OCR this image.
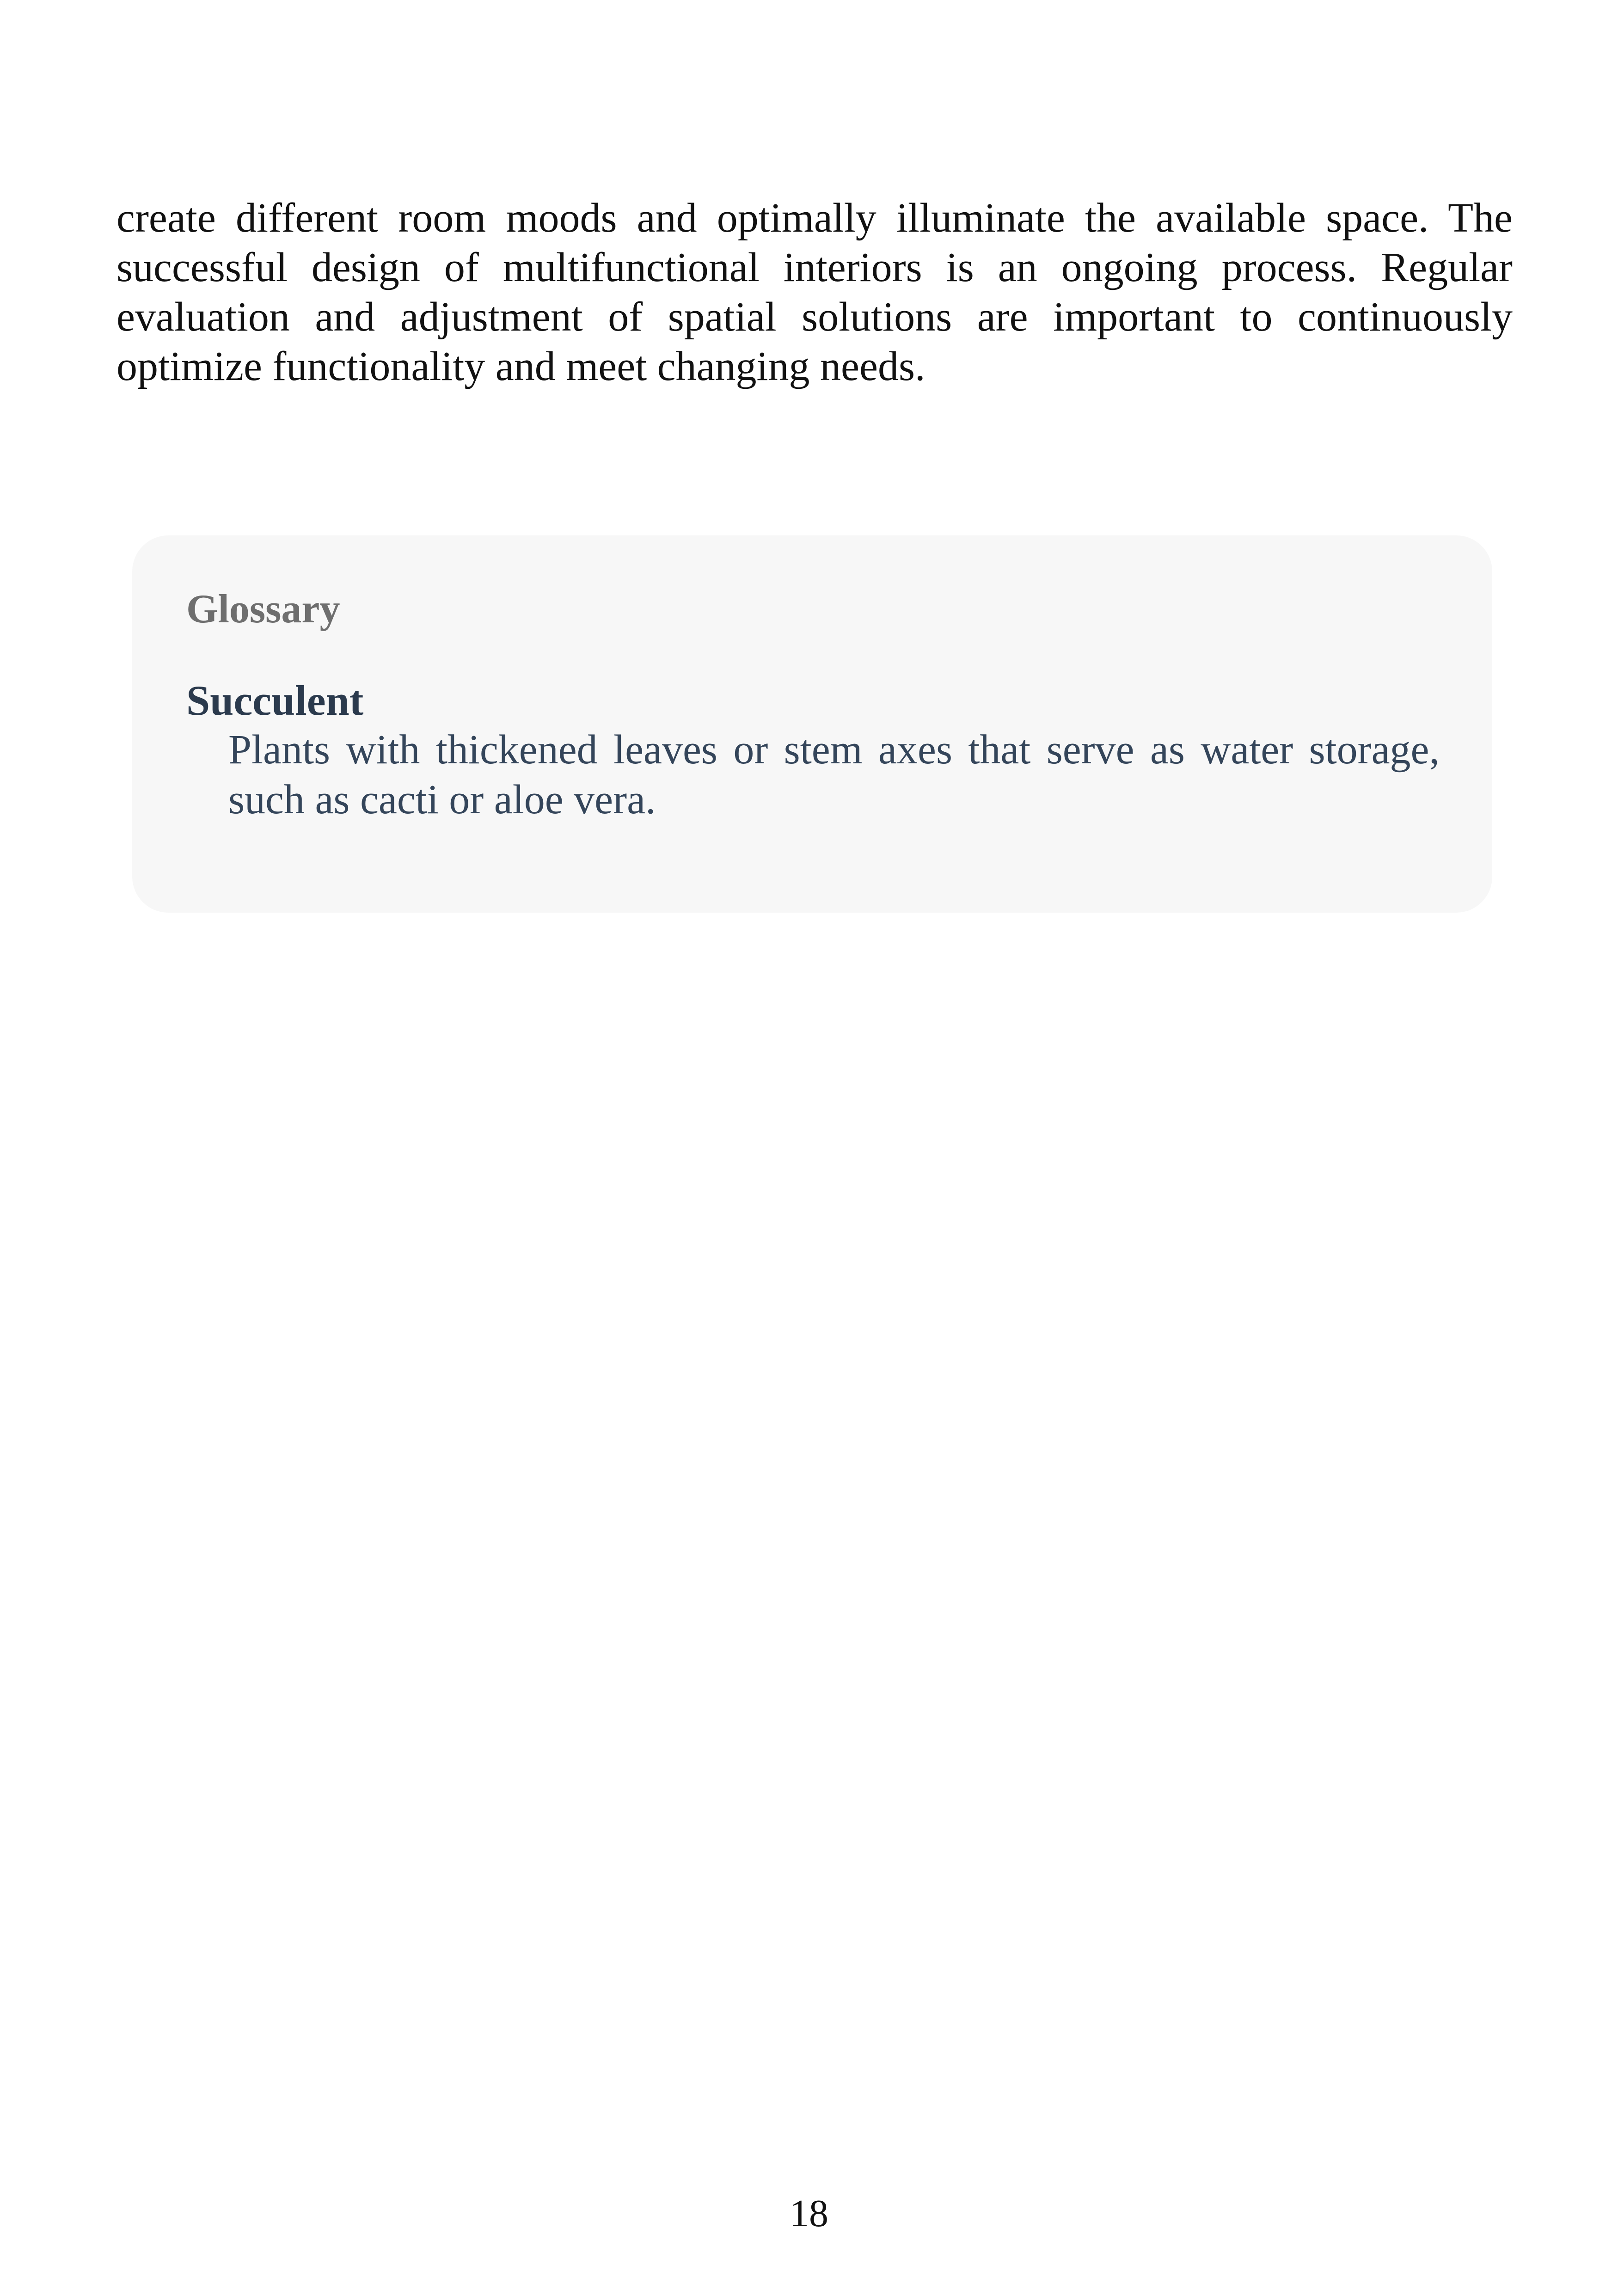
create different room moods and optimally illuminate the available space. The successful design of multifunctional interiors is an ongoing process. Regular evaluation and adjustment of spatial solutions are important to continuously optimize functionality and meet changing needs.

Glossary
Succulent
Plants with thickened leaves or stem axes that serve as water storage, such as cacti or aloe vera.
18
